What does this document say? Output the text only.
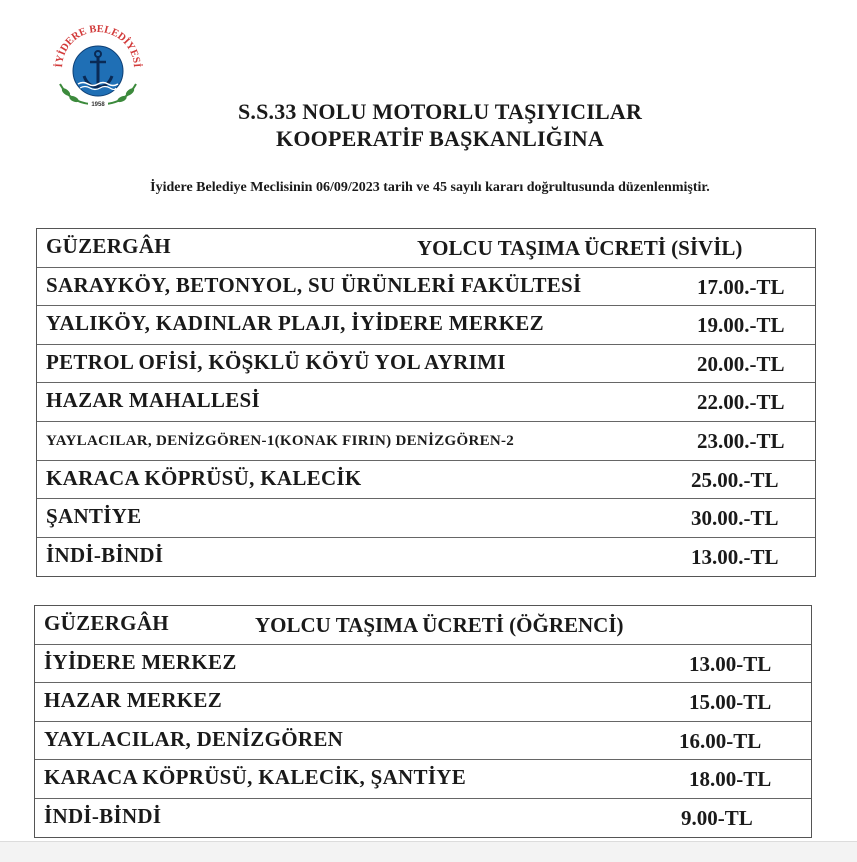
İYİDERE BELEDİYESİ
1958	S.S.33 NOLU MOTORLU TAŞIYICILAR
KOOPERATİF BAŞKANLIĞINA
İyidere Belediye Meclisinin 06/09/2023 tarih ve 45 sayılı kararı doğrultusunda düzenlenmiştir.
GÜZERGÂH	YOLCU TAŞIMA ÜCRETİ (SİVİL)
SARAYKÖY, BETONYOL, SU ÜRÜNLERİ FAKÜLTESİ	17.00.-TL
YALIKÖY, KADINLAR PLAJI, İYİDERE MERKEZ	19.00.-TL
PETROL OFİSİ, KÖŞKLÜ KÖYÜ YOL AYRIMI	20.00.-TL
HAZAR MAHALLESİ	22.00.-TL
YAYLACILAR, DENİZGÖREN-1(KONAK FIRIN) DENİZGÖREN-2	23.00.-TL
KARACA KÖPRÜSÜ, KALECİK	25.00.-TL
ŞANTİYE	30.00.-TL
İNDİ-BİNDİ	13.00.-TL
GÜZERGÂH	YOLCU TAŞIMA ÜCRETİ (ÖĞRENCİ)
İYİDERE MERKEZ	13.00-TL
HAZAR MERKEZ	15.00-TL
YAYLACILAR, DENİZGÖREN	16.00-TL
KARACA KÖPRÜSÜ, KALECİK, ŞANTİYE	18.00-TL
İNDİ-BİNDİ	9.00-TL
